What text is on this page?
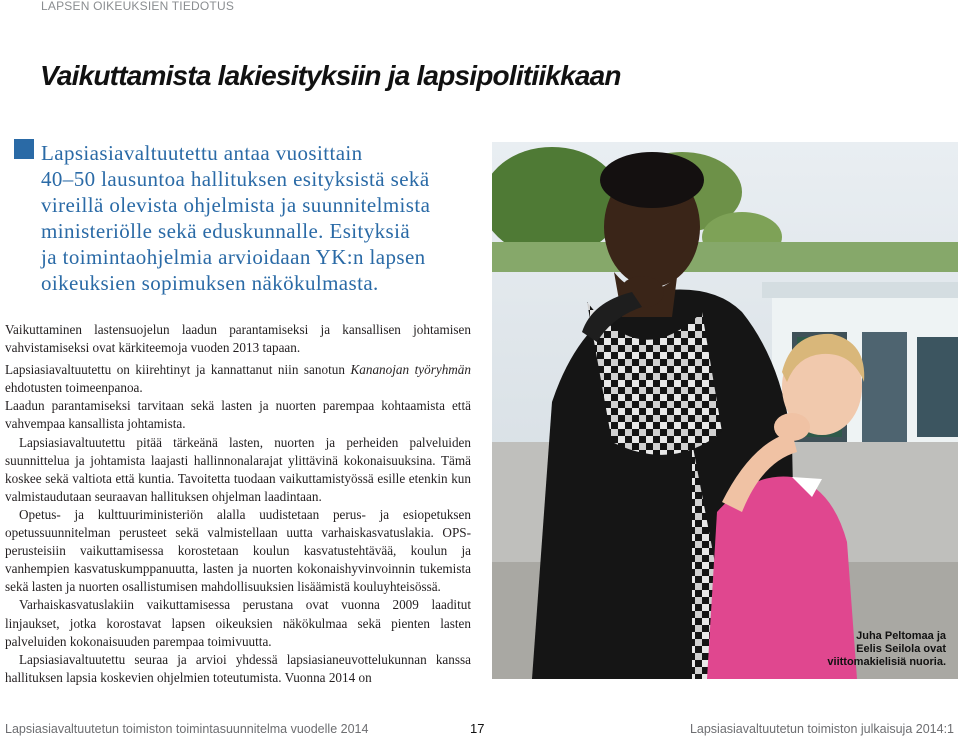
LAPSEN OIKEUKSIEN TIEDOTUS
Vaikuttamista lakiesityksiin ja lapsipolitiikkaan
Lapsiasiavaltuutettu antaa vuosittain
40–50 lausuntoa hallituksen esityksistä sekä
vireillä olevista ohjelmista ja suunnitelmista
ministeriölle sekä eduskunnalle. Esityksiä
ja toimintaohjelmia arvioidaan YK:n lapsen
oikeuksien sopimuksen näkökulmasta.

Vaikuttaminen lastensuojelun laadun parantamiseksi ja kansallisen johtamisen vahvistamiseksi ovat kärkiteemoja vuoden 2013 tapaan.

Lapsiasiavaltuutettu on kiirehtinyt ja kannattanut niin sanotun Kananojan työryhmän ehdotusten toimeenpanoa.

Laadun parantamiseksi tarvitaan sekä lasten ja nuorten parempaa kohtaamista että vahvempaa kansallista johtamista.

Lapsiasiavaltuutettu pitää tärkeänä lasten, nuorten ja perheiden palveluiden suunnittelua ja johtamista laajasti hallinnonalarajat ylittävinä kokonaisuuksina. Tämä koskee sekä valtiota että kuntia. Tavoitetta tuodaan vaikuttamistyössä esille etenkin kun valmistaudutaan seuraavan hallituksen ohjelman laadintaan.

Opetus- ja kulttuuriministeriön alalla uudistetaan perus- ja esiopetuksen opetussuunnitelman perusteet sekä valmistellaan uutta varhaiskasvatuslakia. OPS-perusteisiin vaikuttamisessa korostetaan koulun kasvatustehtävää, koulun ja vanhempien kasvatuskumppanuutta, lasten ja nuorten kokonaishyvinvoinnin tukemista sekä lasten ja nuorten osallistumisen mahdollisuuksien lisäämistä kouluyhteisössä.

Varhaiskasvatuslakiin vaikuttamisessa perustana ovat vuonna 2009 laaditut linjaukset, jotka korostavat lapsen oikeuksien näkökulmaa sekä pienten lasten palveluiden kokonaisuuden parempaa toimivuutta.

Lapsiasiavaltuutettu seuraa ja arvioi yhdessä lapsiasianeuvottelukunnan kanssa hallituksen lapsia koskevien ohjelmien toteutumista. Vuonna 2014 on

Juha Peltomaa ja
Eelis Seilola ovat
viittomakielisiä nuoria.
Lapsiasiavaltuutetun toimiston toimintasuunnitelma vuodelle 2014	17	Lapsiasiavaltuutetun toimiston julkaisuja 2014:1
